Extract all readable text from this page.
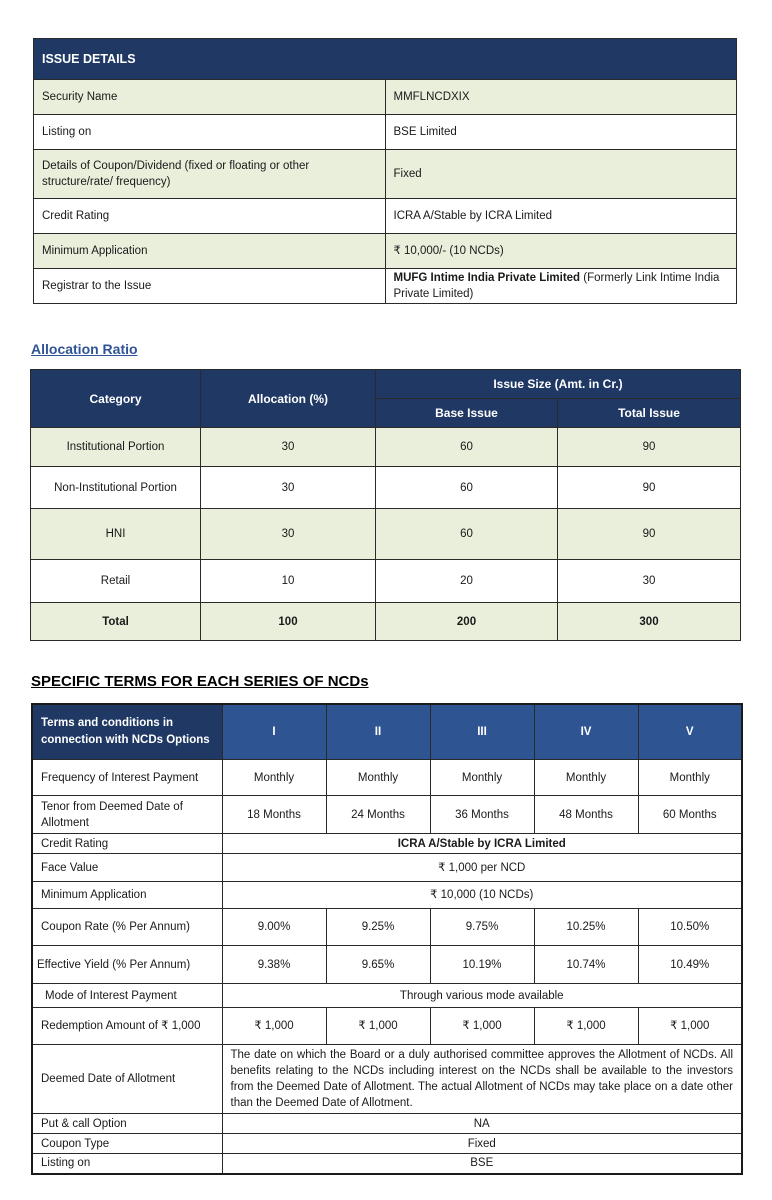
ISSUE DETAILS	
Security Name	MMFLNCDXIX
Listing on	BSE Limited
Details of Coupon/Dividend (fixed or floating or other structure/rate/ frequency)	Fixed
Credit Rating	ICRA A/Stable by ICRA Limited
Minimum Application	₹ 10,000/- (10 NCDs)
Registrar to the Issue	MUFG Intime India Private Limited (Formerly Link Intime India Private Limited)
Allocation Ratio
Category	Allocation (%)	Issue Size (Amt. in Cr.)	
		Base Issue	Total Issue
Institutional Portion	30	60	90
Non-Institutional Portion	30	60	90
HNI	30	60	90
Retail	10	20	30
Total	100	200	300
SPECIFIC TERMS FOR EACH SERIES OF NCDs
Terms and conditions in connection with NCDs Options	I	II	III	IV	V
Frequency of Interest Payment	Monthly	Monthly	Monthly	Monthly	Monthly
Tenor from Deemed Date of Allotment	18 Months	24 Months	36 Months	48 Months	60 Months
Credit Rating	ICRA A/Stable by ICRA Limited				
Face Value	₹ 1,000 per NCD				
Minimum Application	₹ 10,000 (10 NCDs)				
Coupon Rate (% Per Annum)	9.00%	9.25%	9.75%	10.25%	10.50%
Effective Yield (% Per Annum)	9.38%	9.65%	10.19%	10.74%	10.49%
Mode of Interest Payment	Through various mode available				
Redemption Amount of ₹ 1,000	₹ 1,000	₹ 1,000	₹ 1,000	₹ 1,000	₹ 1,000
Deemed Date of Allotment	The date on which the Board or a duly authorised committee approves the Allotment of NCDs. All benefits relating to the NCDs including interest on the NCDs shall be available to the investors from the Deemed Date of Allotment. The actual Allotment of NCDs may take place on a date other than the Deemed Date of Allotment.				
Put & call Option	NA				
Coupon Type	Fixed				
Listing on	BSE				
